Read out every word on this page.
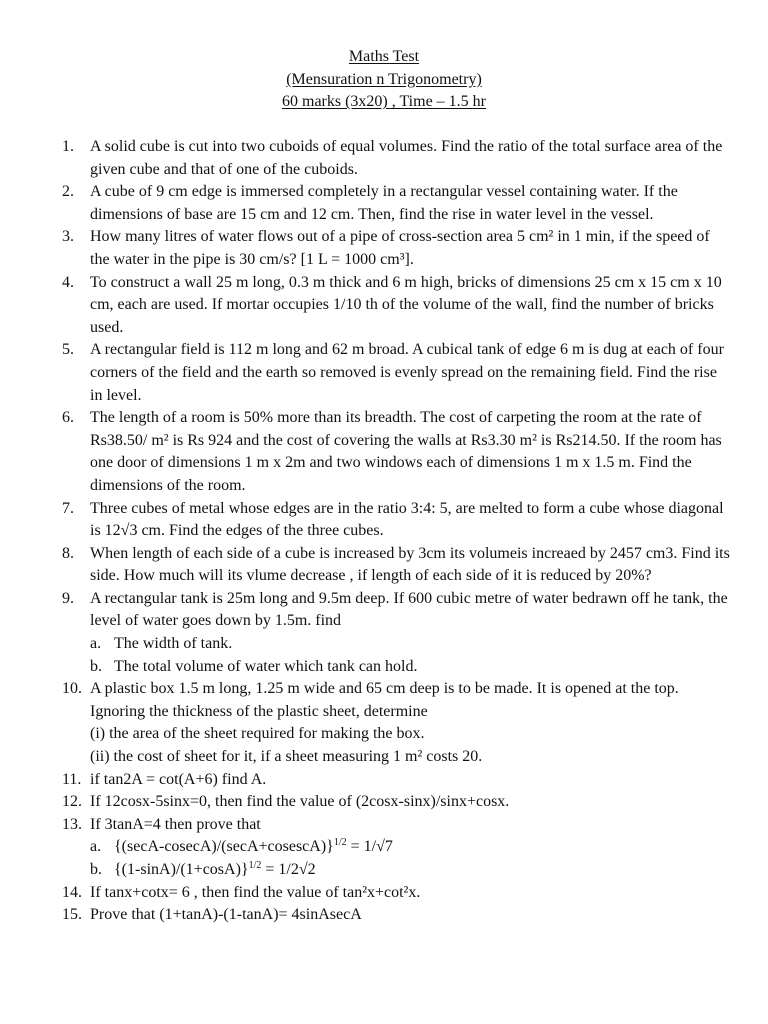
Maths Test
(Mensuration n Trigonometry)
60 marks (3x20) , Time – 1.5 hr
1. A solid cube is cut into two cuboids of equal volumes. Find the ratio of the total surface area of the given cube and that of one of the cuboids.
2. A cube of 9 cm edge is immersed completely in a rectangular vessel containing water. If the dimensions of base are 15 cm and 12 cm. Then, find the rise in water level in the vessel.
3. How many litres of water flows out of a pipe of cross-section area 5 cm² in 1 min, if the speed of the water in the pipe is 30 cm/s? [1 L = 1000 cm³].
4. To construct a wall 25 m long, 0.3 m thick and 6 m high, bricks of dimensions 25 cm x 15 cm x 10 cm, each are used. If mortar occupies 1/10 th of the volume of the wall, find the number of bricks used.
5. A rectangular field is 112 m long and 62 m broad. A cubical tank of edge 6 m is dug at each of four corners of the field and the earth so removed is evenly spread on the remaining field. Find the rise in level.
6. The length of a room is 50% more than its breadth. The cost of carpeting the room at the rate of Rs38.50/ m² is Rs 924 and the cost of covering the walls at Rs3.30 m² is Rs214.50. If the room has one door of dimensions 1 m x 2m and two windows each of dimensions 1 m x 1.5 m. Find the dimensions of the room.
7. Three cubes of metal whose edges are in the ratio 3:4: 5, are melted to form a cube whose diagonal is 12√3 cm. Find the edges of the three cubes.
8. When length of each side of a cube is increased by 3cm its volumeis increaed by 2457 cm3. Find its side. How much will its vlume decrease , if length of each side of it is reduced by 20%?
9. A rectangular tank is 25m long and 9.5m deep. If 600 cubic metre of water bedrawn off he tank, the level of water goes down by 1.5m. find
a. The width of tank.
b. The total volume of water which tank can hold.
10. A plastic box 1.5 m long, 1.25 m wide and 65 cm deep is to be made. It is opened at the top. Ignoring the thickness of the plastic sheet, determine
(i) the area of the sheet required for making the box.
(ii) the cost of sheet for it, if a sheet measuring 1 m² costs 20.
11. if tan2A = cot(A+6) find A.
12. If 12cosx-5sinx=0, then find the value of (2cosx-sinx)/sinx+cosx.
13. If 3tanA=4 then prove that
a. {(secA-cosecA)/(secA+cosescA)}$^{1/2}$ = 1/√7
b. $\{(1-\sin A)/(1+\cos A)\}^{1/2} = 1/2√2$
14. If tanx+cotx= 6 , then find the value of tan²x+cot²x.
15. Prove that (1+tanA)-(1-tanA)= 4sinAsecA
